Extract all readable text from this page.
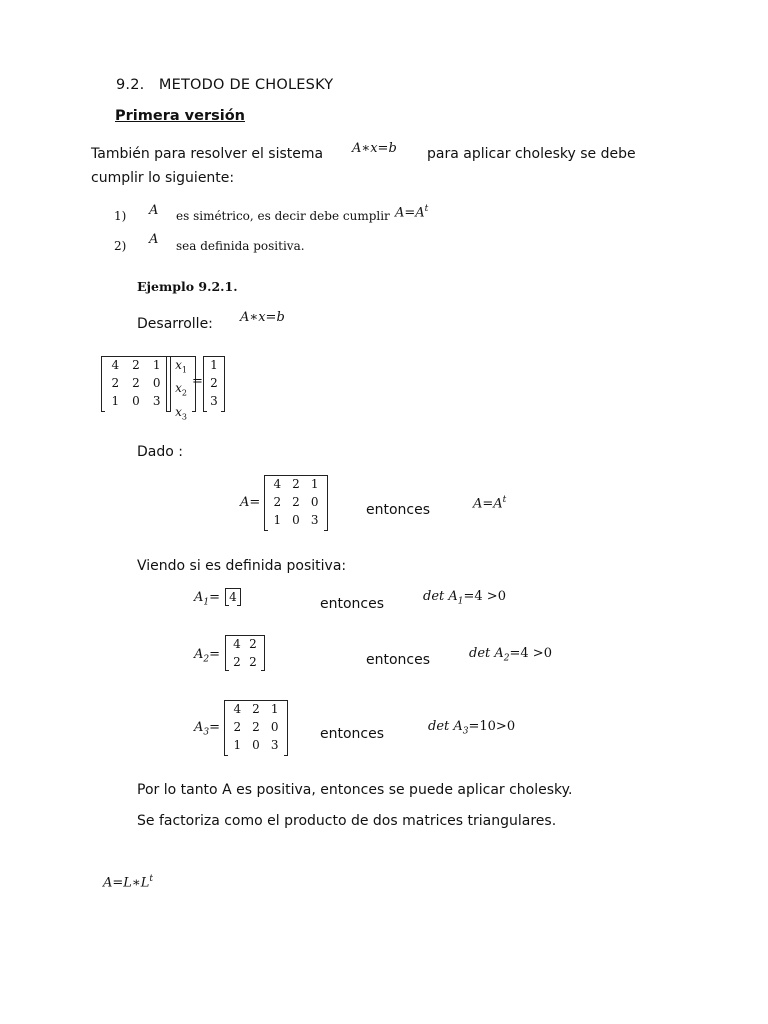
9.2. METODO DE CHOLESKY
Primera versión
También para resolver el sistema A∗x=b para aplicar cholesky se debe
cumplir lo siguiente:
1) A es simétrico, es decir debe cumplir $A=A^t$
2) A sea definida positiva.
Ejemplo 9.2.1.
Desarrolle: A∗x=b
4	2	1
2	2	0
1	0	3
$x_1$
$x_2$
$x_3$
=
1
2
3
Dado :
A=
4	2	1
2	2	0
1	0	3
entonces	$A=A^t$
Viendo si es definida positiva:
$A_1= 4$	entonces	$\det A_1=4 >0$
$A_2=$
4	2
2	2	entonces	$\det A_2=4 >0$
$A_3=$
4	2	1
2	2	0
1	0	3
entonces	$\det A_3=10>0$
Por lo tanto A es positiva, entonces se puede aplicar cholesky.
Se factoriza como el producto de dos matrices triangulares.
$A=L∗L^t$
